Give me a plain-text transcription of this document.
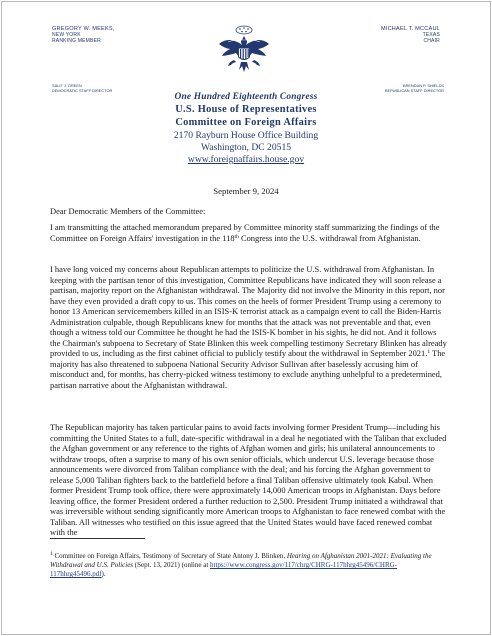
GREGORY W. MEEKS,
NEW YORK
RANKING MEMBER
MICHAEL T. MCCAUL
TEXAS
CHAIR
SALIT J. GREEN
DEMOCRATIC STAFF DIRECTOR
BRENDAN P. SHIELDS
REPUBLICAN STAFF DIRECTOR
One Hundred Eighteenth Congress
U.S. House of Representatives
Committee on Foreign Affairs
2170 Rayburn House Office Building
Washington, DC 20515
www.foreignaffairs.house.gov
September 9, 2024
Dear Democratic Members of the Committee:
I am transmitting the attached memorandum prepared by Committee minority staff summarizing the findings of the Committee on Foreign Affairs' investigation in the 118th Congress into the U.S. withdrawal from Afghanistan.
I have long voiced my concerns about Republican attempts to politicize the U.S. withdrawal from Afghanistan. In keeping with the partisan tenor of this investigation, Committee Republicans have indicated they will soon release a partisan, majority report on the Afghanistan withdrawal. The Majority did not involve the Minority in this report, nor have they even provided a draft copy to us. This comes on the heels of former President Trump using a ceremony to honor 13 American servicemembers killed in an ISIS-K terrorist attack as a campaign event to call the Biden-Harris Administration culpable, though Republicans knew for months that the attack was not preventable and that, even though a witness told our Committee he thought he had the ISIS-K bomber in his sights, he did not. And it follows the Chairman's subpoena to Secretary of State Blinken this week compelling testimony Secretary Blinken has already provided to us, including as the first cabinet official to publicly testify about the withdrawal in September 2021.$^1$ The majority has also threatened to subpoena National Security Advisor Sullivan after baselessly accusing him of misconduct and, for months, has cherry-picked witness testimony to exclude anything unhelpful to a predetermined, partisan narrative about the Afghanistan withdrawal.
The Republican majority has taken particular pains to avoid facts involving former President Trump—including his committing the United States to a full, date-specific withdrawal in a deal he negotiated with the Taliban that excluded the Afghan government or any reference to the rights of Afghan women and girls; his unilateral announcements to withdraw troops, often a surprise to many of his own senior officials, which undercut U.S. leverage because those announcements were divorced from Taliban compliance with the deal; and his forcing the Afghan government to release 5,000 Taliban fighters back to the battlefield before a final Taliban offensive ultimately took Kabul. When former President Trump took office, there were approximately 14,000 American troops in Afghanistan. Days before leaving office, the former President ordered a further reduction to 2,500. President Trump initiated a withdrawal that was irreversible without sending significantly more American troops to Afghanistan to face renewed combat with the Taliban. All witnesses who testified on this issue agreed that the United States would have faced renewed combat with the
$^1$ Committee on Foreign Affairs, Testimony of Secretary of State Antony J. Blinken, Hearing on Afghanistan 2001-2021: Evaluating the Withdrawal and U.S. Policies (Sept. 13, 2021) (online at https://www.congress.gov/117/chrg/CHRG-117hhrg45496/CHRG-117hhrg45496.pdf).
